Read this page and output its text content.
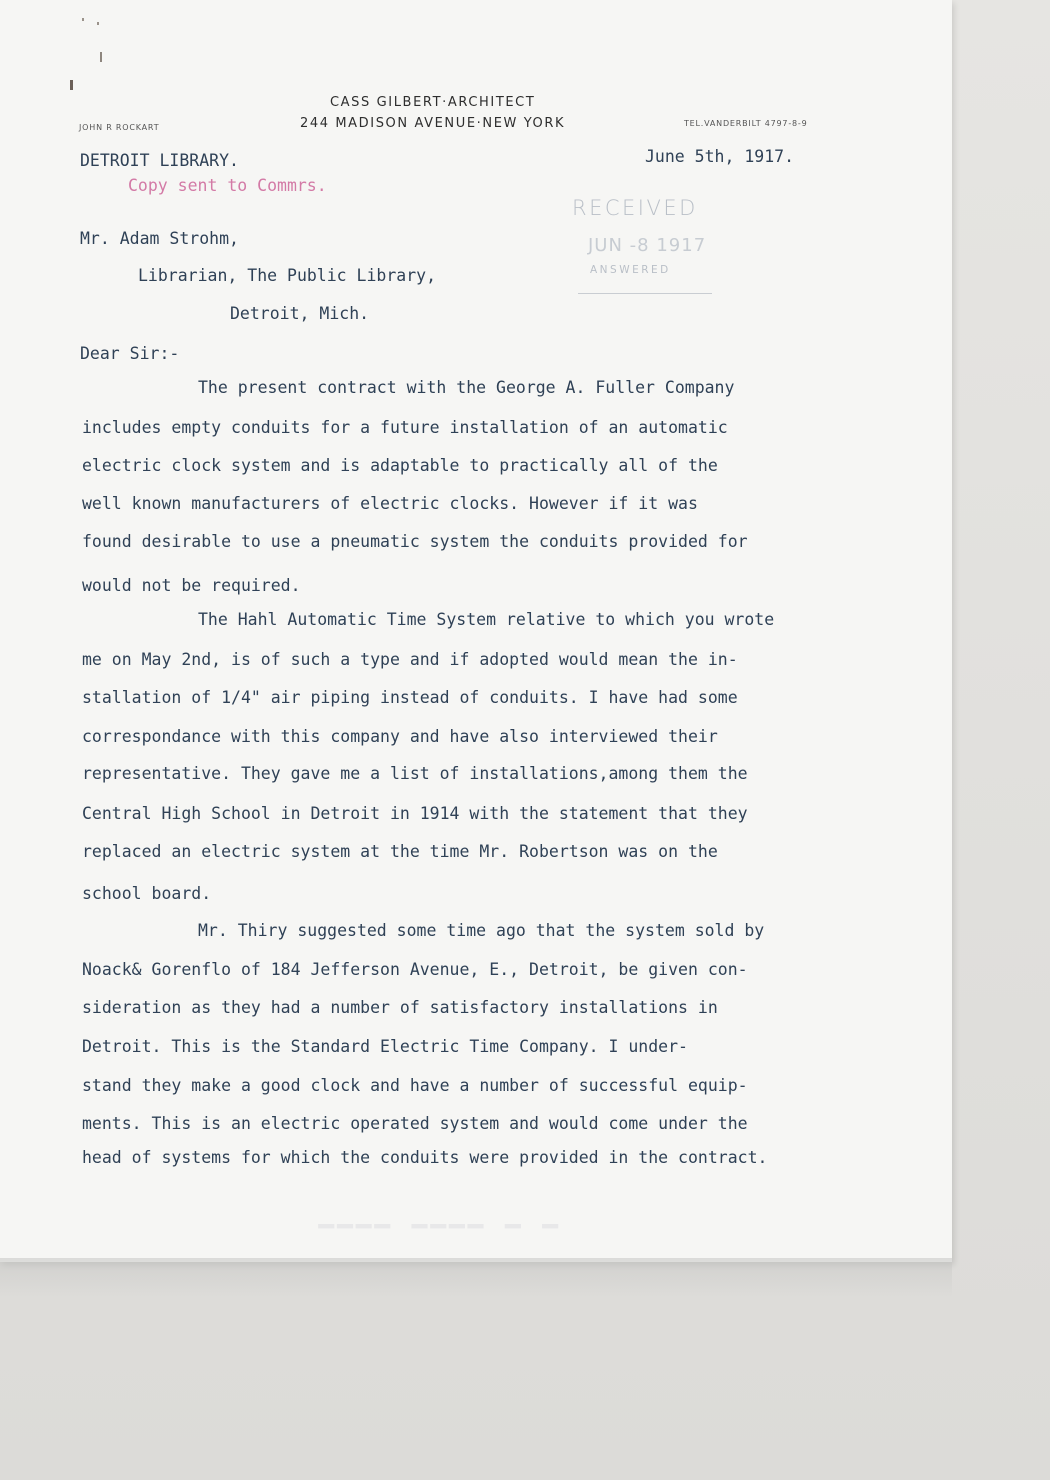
CASS GILBERT·ARCHITECT
244 MADISON AVENUE·NEW YORK
JOHN R ROCKART	TEL.VANDERBILT 4797-8-9
DETROIT LIBRARY.	June 5th, 1917.
Copy sent to Commrs.
RECEIVED
JUN -8 1917
ANSWERED
Mr. Adam Strohm,
Librarian, The Public Library,
Detroit, Mich.
Dear Sir:-
The present contract with the George A. Fuller Company
includes empty conduits for a future installation of an automatic
electric clock system and is adaptable to practically all of the
well known manufacturers of electric clocks. However if it was
found desirable to use a pneumatic system the conduits provided for
would not be required.
The Hahl Automatic Time System relative to which you wrote
me on May 2nd, is of such a type and if adopted would mean the in-
stallation of 1/4" air piping instead of conduits. I have had some
correspondance with this company and have also interviewed their
representative. They gave me a list of installations,among them the
Central High School in Detroit in 1914 with the statement that they
replaced an electric system at the time Mr. Robertson was on the
school board.
Mr. Thiry suggested some time ago that the system sold by
Noack& Gorenflo of 184 Jefferson Avenue, E., Detroit, be given con-
sideration as they had a number of satisfactory installations in
Detroit. This is the Standard Electric Time Company. I under-
stand they make a good clock and have a number of successful equip-
ments. This is an electric operated system and would come under the
head of systems for which the conduits were provided in the contract.
━ ━ ━━━━ ━━━━
